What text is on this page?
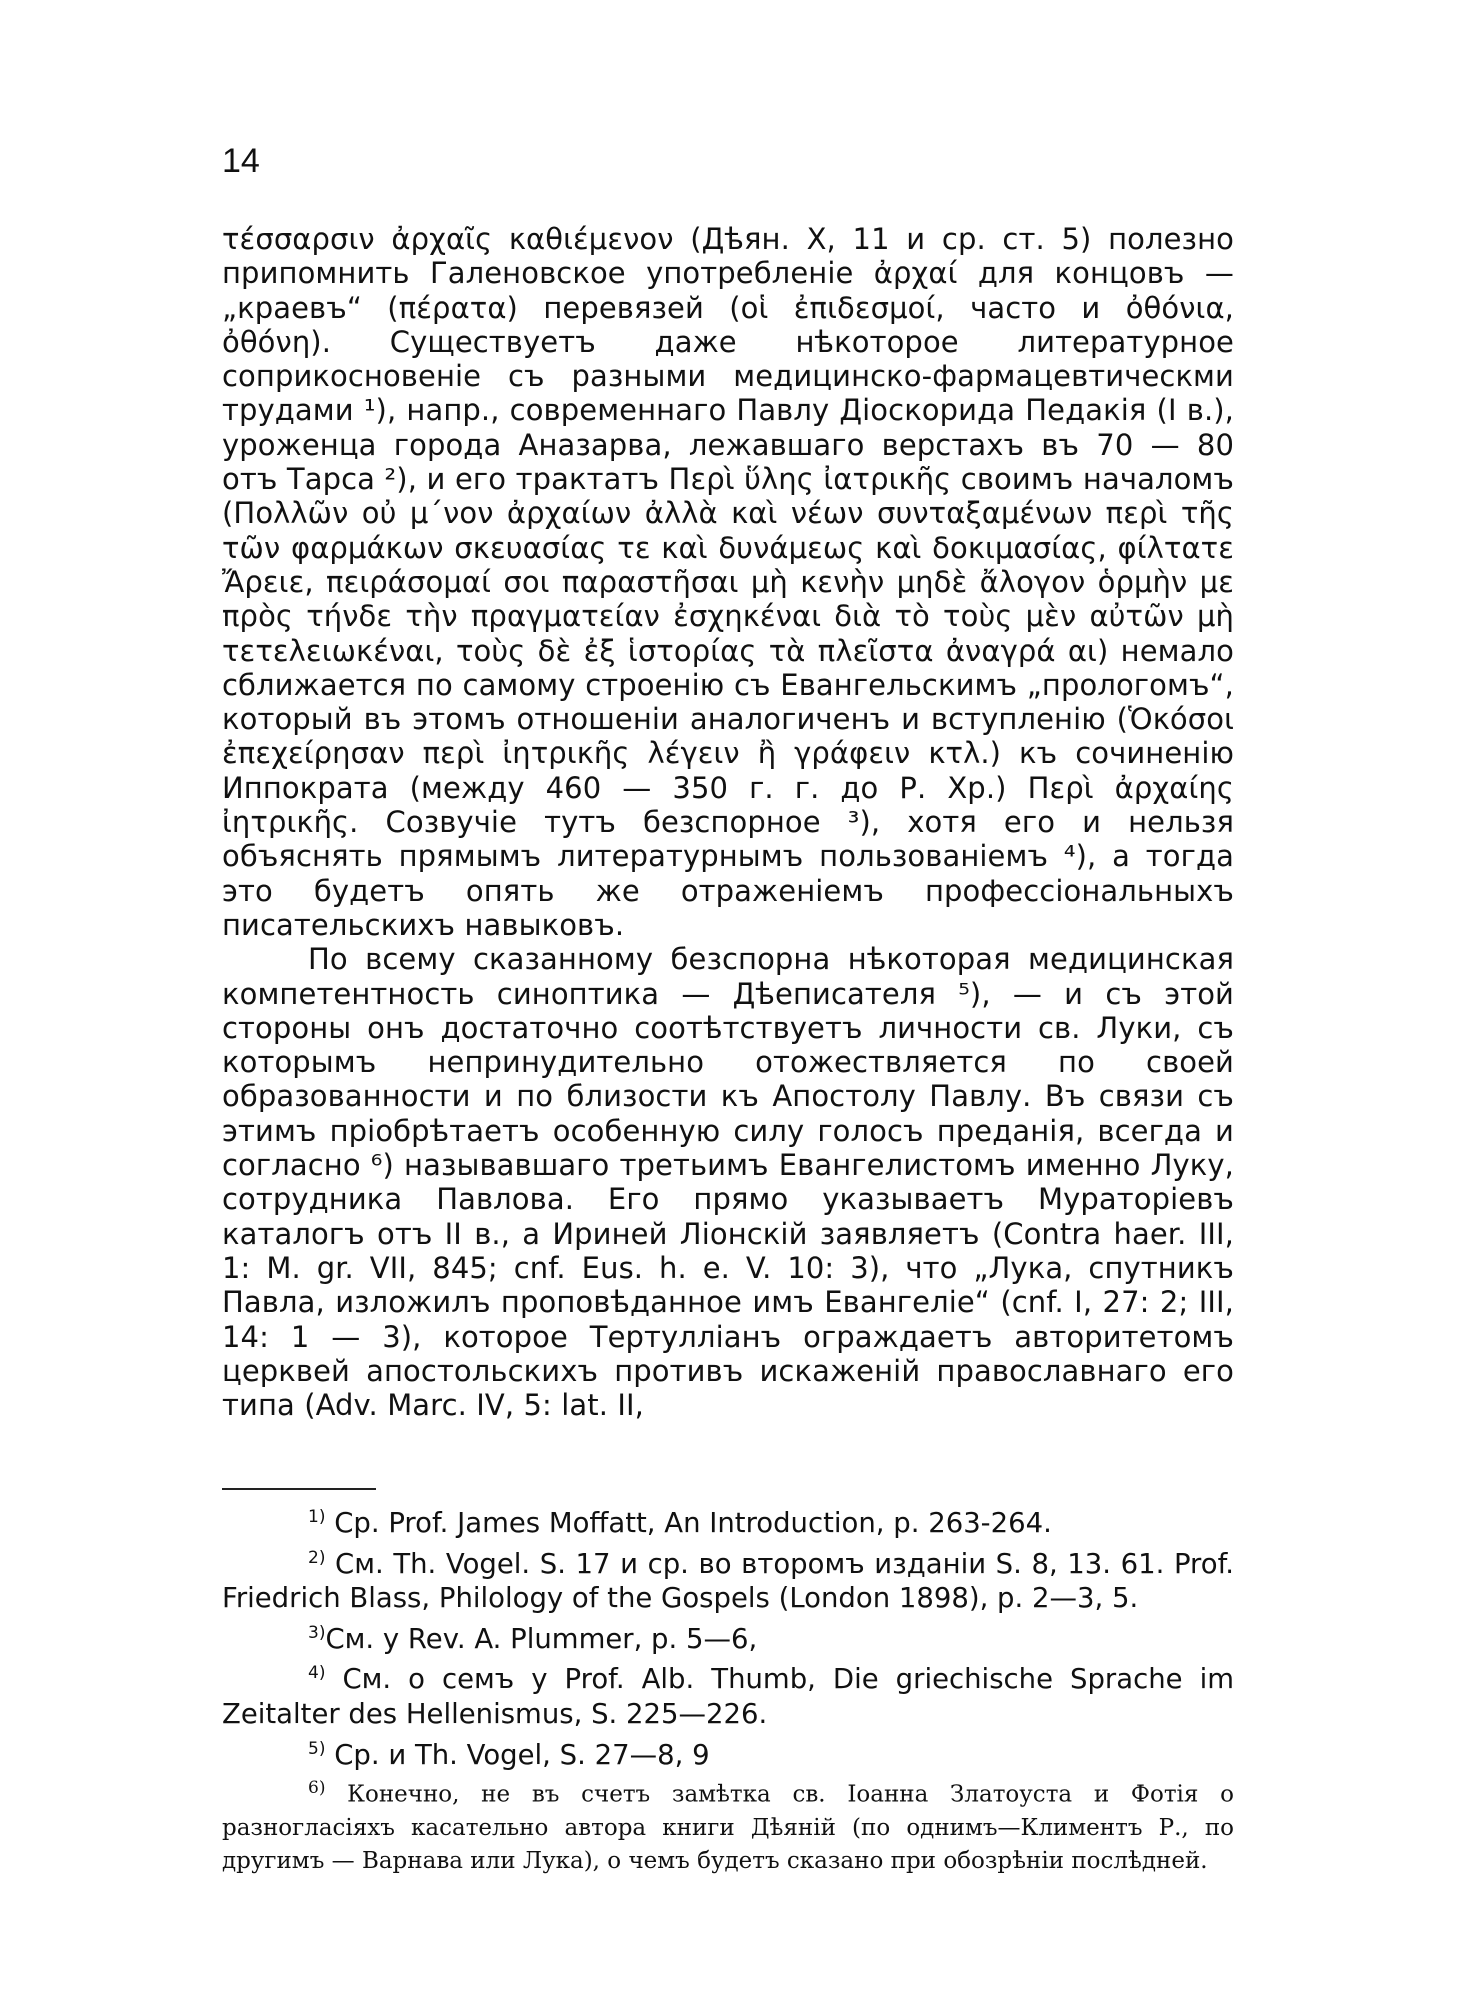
14

τέσσαρσιν ἀρχαῖς καθιέμενον (Дѣян. X, 11 и ср. ст. 5) полезно припомнить Галеновское употребленіе ἀρχαί для концовъ — „краевъ“ (πέρατα) перевязей (οἱ ἐπιδεσμοί, часто и ὀθόνια, ὀθόνη). Существуетъ даже нѣкоторое литературное соприкосновеніе съ разными медицинско-фармацевтическми трудами ¹), напр., современнаго Павлу Діоскорида Педакія (I в.), уроженца города Аназарва, лежавшаго верстахъ въ 70 — 80 отъ Тарса ²), и его трактатъ Περὶ ὕλης ἰατρικῆς своимъ началомъ (Πολλῶν οὐ μ΄νον ἀρχαίων ἀλλὰ καὶ νέων συνταξαμένων περὶ τῆς τῶν φαρμάκων σκευασίας τε καὶ δυνάμεως καὶ δοκιμασίας, φίλτατε Ἄρειε, πειράσομαί σοι παραστῆσαι μὴ κενὴν μηδὲ ἄλογον ὁρμὴν με πρὸς τήνδε τὴν πραγματείαν ἐσχηκέναι διὰ τὸ τοὺς μὲν αὐτῶν μὴ τετελειωκέναι, τοὺς δὲ ἐξ ἱστορίας τὰ πλεῖστα ἀναγρά αι) немало сближается по самому строенію съ Евангельскимъ „прологомъ“, который въ этомъ отношеніи аналогиченъ и вступленію (Ὁκόσοι ἐπεχείρησαν περὶ ἰητρικῆς λέγειν ἢ γράφειν κτλ.) къ сочиненію Иппократа (между 460 — 350 г. г. до Р. Хр.) Περὶ ἀρχαίης ἰητρικῆς. Созвучіе тутъ безспорное ³), хотя его и нельзя объяснять прямымъ литературнымъ пользованіемъ ⁴), а тогда это будетъ опять же отраженіемъ профессіональныхъ писательскихъ навыковъ.

По всему сказанному безспорна нѣкоторая медицинская компетентность синоптика — Дѣеписателя ⁵), — и съ этой стороны онъ достаточно соотѣтствуетъ личности св. Луки, съ которымъ непринудительно отожествляется по своей образованности и по близости къ Апостолу Павлу. Въ связи съ этимъ пріобрѣтаетъ особенную силу голосъ преданія, всегда и согласно ⁶) называвшаго третьимъ Евангелистомъ именно Луку, сотрудника Павлова. Его прямо указываетъ Мураторіевъ каталогъ отъ II в., а Ириней Ліонскій заявляетъ (Contra haer. III, 1: M. gr. VII, 845; cnf. Eus. h. e. V. 10: 3), что „Лука, спутникъ Павла, изложилъ проповѣданное имъ Евангеліе“ (cnf. I, 27: 2; III, 14: 1 — 3), которое Тертулліанъ ограждаетъ авторитетомъ церквей апостольскихъ противъ искаженій православнаго его типа (Adv. Marc. IV, 5: lat. II,

$^{1)}$ Ср. Prof. James Moffatt, An Introduction, p. 263-264.

$^{2)}$ См. Th. Vogel. S. 17 и ср. во второмъ изданіи S. 8, 13. 61. Prof. Friedrich Blass, Philology of the Gospels (London 1898), p. 2—3, 5.

$^{3)}$См. у Rev. A. Plummer, p. 5—6,

$^{4)}$ См. о семъ у Prof. Alb. Thumb, Die griechische Sprache im Zeitalter des Hellenismus, S. 225—226.

$^{5)}$ Ср. и Th. Vogel, S. 27—8, 9

$^{6)}$ Конечно, не въ счетъ замѣтка св. Іоанна Златоуста и Фотія о разногласіяхъ касательно автора книги Дѣяній (по однимъ—Климентъ Р., по другимъ — Варнава или Лука), о чемъ будетъ сказано при обозрѣніи послѣдней.
